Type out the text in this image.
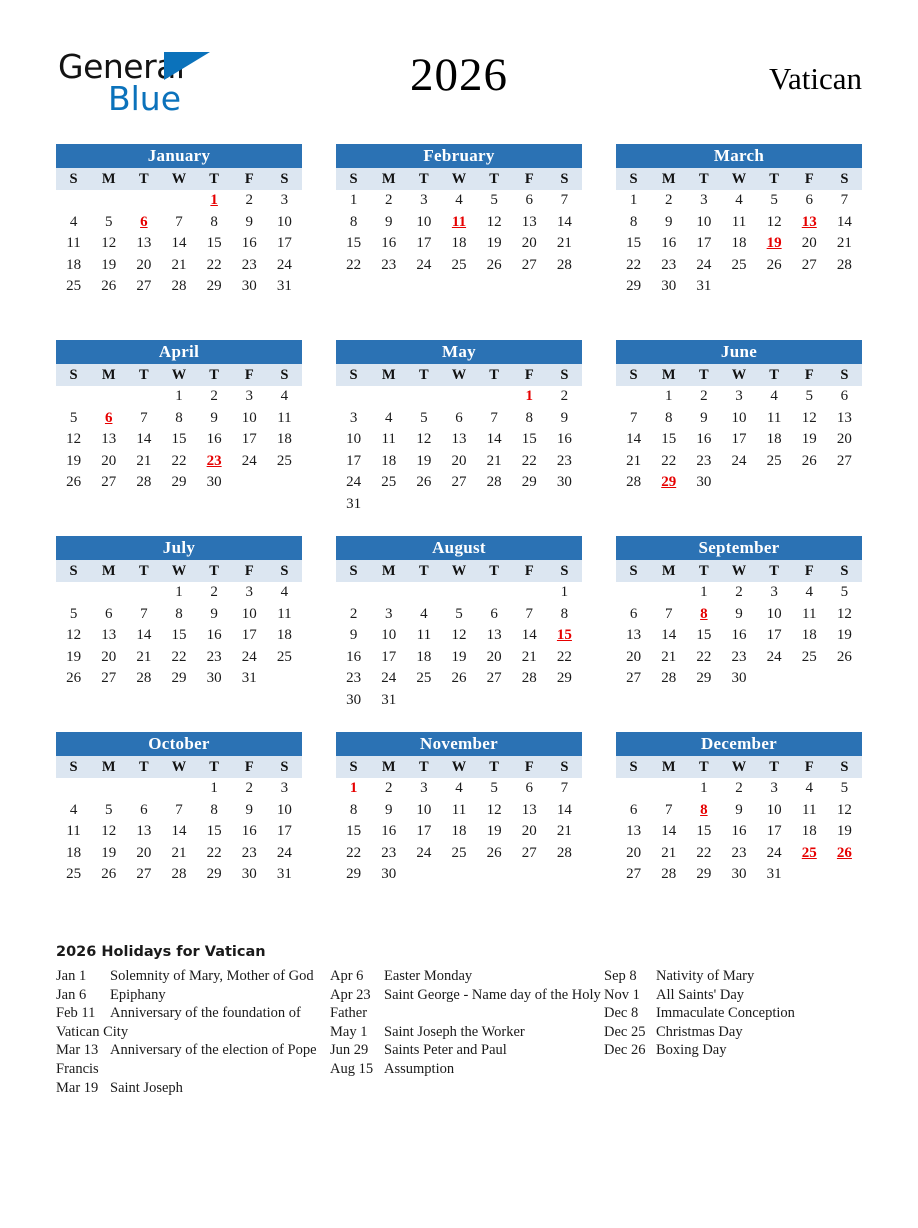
General
Blue	2026	Vatican
January
S	M	T	W	T	F	S
				1	2	3
4	5	6	7	8	9	10
11	12	13	14	15	16	17
18	19	20	21	22	23	24
25	26	27	28	29	30	31

February
S	M	T	W	T	F	S
1	2	3	4	5	6	7
8	9	10	11	12	13	14
15	16	17	18	19	20	21
22	23	24	25	26	27	28

March
S	M	T	W	T	F	S
1	2	3	4	5	6	7
8	9	10	11	12	13	14
15	16	17	18	19	20	21
22	23	24	25	26	27	28
29	30	31				

April
S	M	T	W	T	F	S
			1	2	3	4
5	6	7	8	9	10	11
12	13	14	15	16	17	18
19	20	21	22	23	24	25
26	27	28	29	30		

May
S	M	T	W	T	F	S
					1	2
3	4	5	6	7	8	9
10	11	12	13	14	15	16
17	18	19	20	21	22	23
24	25	26	27	28	29	30
31						
June
S	M	T	W	T	F	S
	1	2	3	4	5	6
7	8	9	10	11	12	13
14	15	16	17	18	19	20
21	22	23	24	25	26	27
28	29	30				

July
S	M	T	W	T	F	S
			1	2	3	4
5	6	7	8	9	10	11
12	13	14	15	16	17	18
19	20	21	22	23	24	25
26	27	28	29	30	31	

August
S	M	T	W	T	F	S
						1
2	3	4	5	6	7	8
9	10	11	12	13	14	15
16	17	18	19	20	21	22
23	24	25	26	27	28	29
30	31					
September
S	M	T	W	T	F	S
		1	2	3	4	5
6	7	8	9	10	11	12
13	14	15	16	17	18	19
20	21	22	23	24	25	26
27	28	29	30			

October
S	M	T	W	T	F	S
				1	2	3
4	5	6	7	8	9	10
11	12	13	14	15	16	17
18	19	20	21	22	23	24
25	26	27	28	29	30	31

November
S	M	T	W	T	F	S
1	2	3	4	5	6	7
8	9	10	11	12	13	14
15	16	17	18	19	20	21
22	23	24	25	26	27	28
29	30					

December
S	M	T	W	T	F	S
		1	2	3	4	5
6	7	8	9	10	11	12
13	14	15	16	17	18	19
20	21	22	23	24	25	26
27	28	29	30	31		

2026 Holidays for Vatican
Jan 1 Solemnity of Mary, Mother of God
Jan 6 Epiphany
Feb 11 Anniversary of the foundation of Vatican City
Mar 13 Anniversary of the election of Pope Francis
Mar 19 Saint Joseph
Apr 6 Easter Monday
Apr 23 Saint George - Name day of the Holy Father
May 1 Saint Joseph the Worker
Jun 29 Saints Peter and Paul
Aug 15 Assumption
Sep 8 Nativity of Mary
Nov 1 All Saints' Day
Dec 8 Immaculate Conception
Dec 25 Christmas Day
Dec 26 Boxing Day
